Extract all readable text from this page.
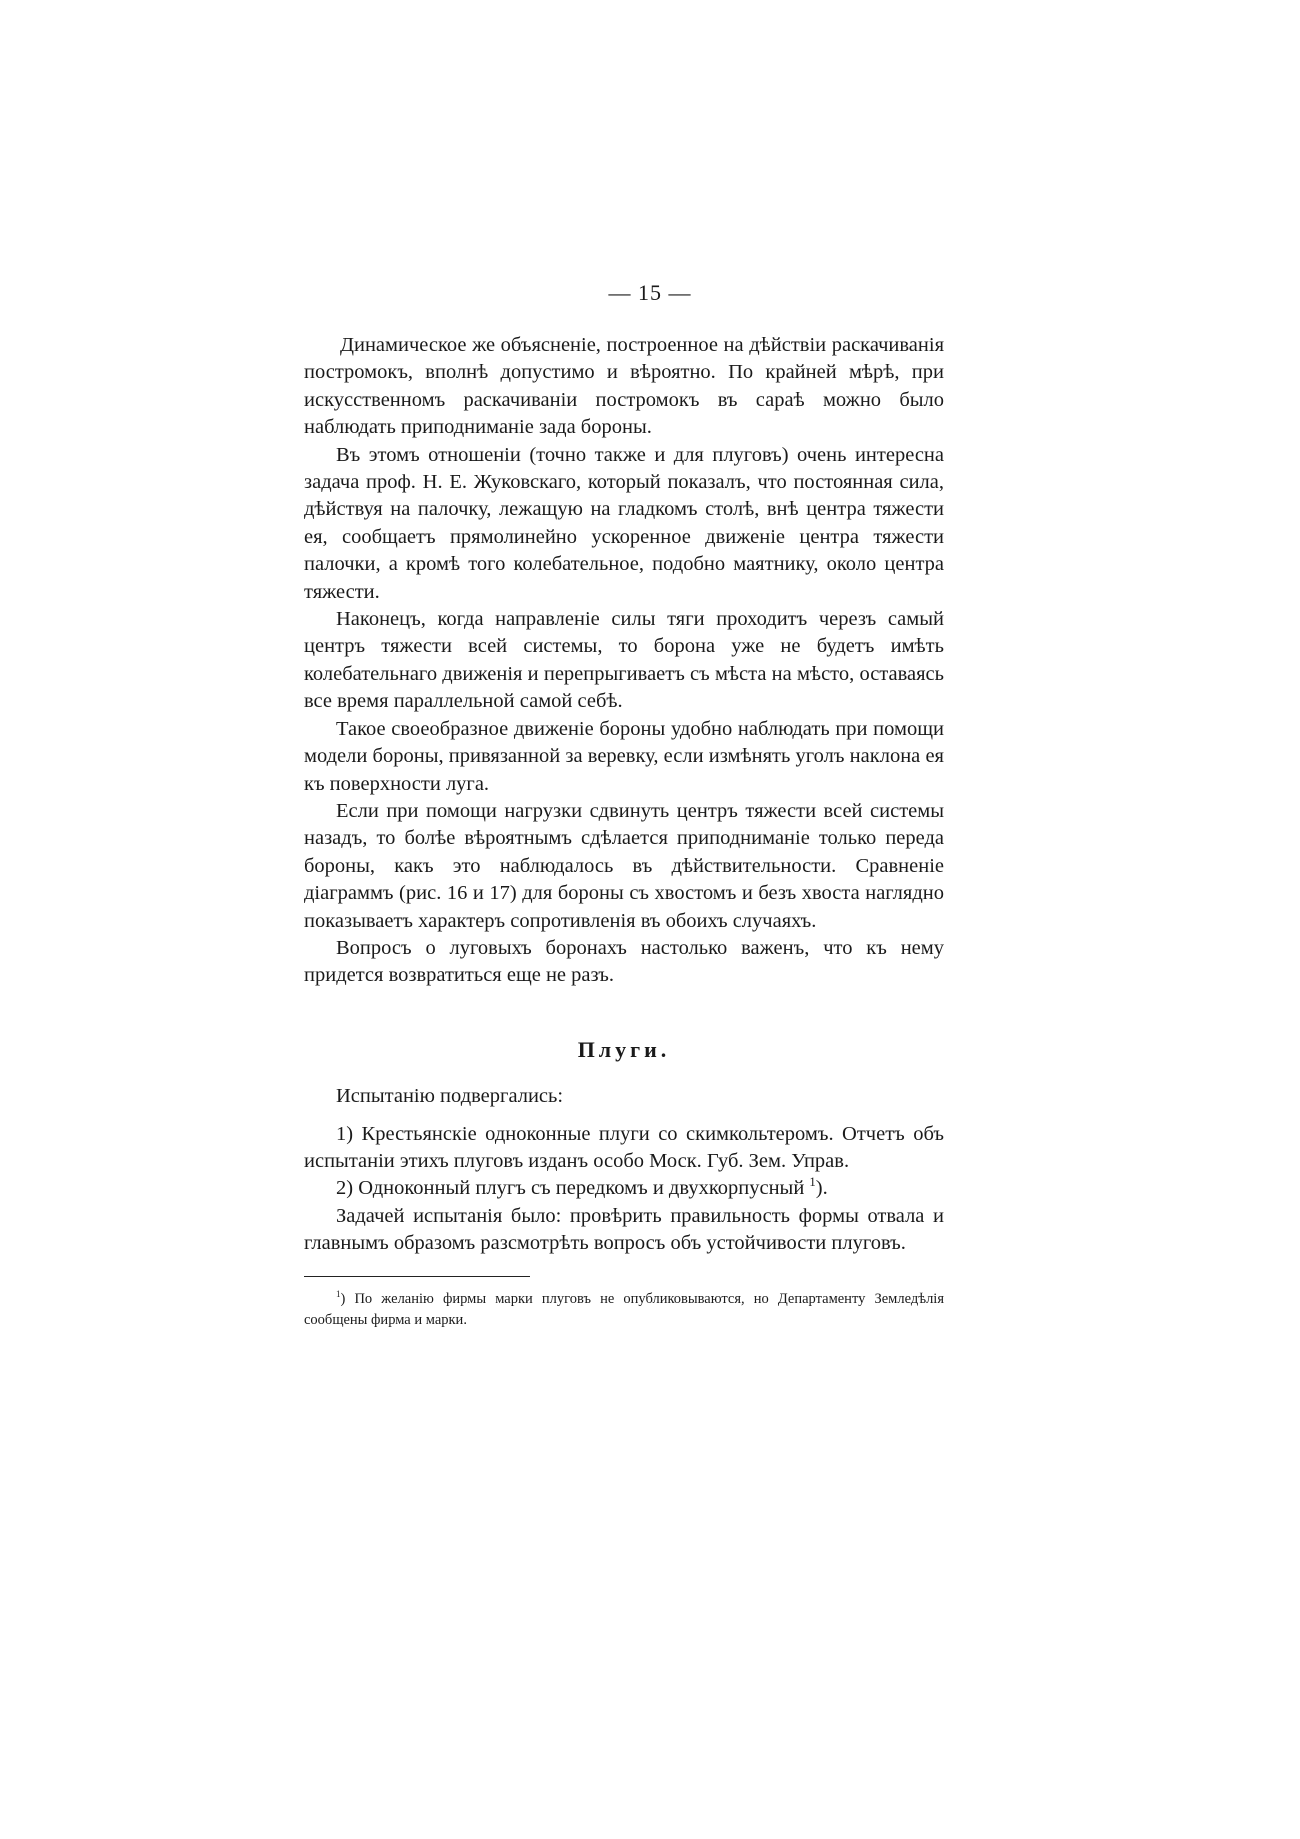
— 15 —

Динамическое же объясненіе, построенное на дѣйствіи раскачиванія постромокъ, вполнѣ допустимо и вѣроятно. По крайней мѣрѣ, при искусственномъ раскачиваніи постромокъ въ сараѣ можно было наблюдать приподниманіе зада бороны.

Въ этомъ отношеніи (точно также и для плуговъ) очень интересна задача проф. Н. Е. Жуковскаго, который показалъ, что постоянная сила, дѣйствуя на палочку, лежащую на гладкомъ столѣ, внѣ центра тяжести ея, сообщаетъ прямолинейно ускоренное движеніе центра тяжести палочки, а кромѣ того колебательное, подобно маятнику, около центра тяжести.

Наконецъ, когда направленіе силы тяги проходитъ черезъ самый центръ тяжести всей системы, то борона уже не будетъ имѣть колебательнаго движенія и перепрыгиваетъ съ мѣста на мѣсто, оставаясь все время параллельной самой себѣ.

Такое своеобразное движеніе бороны удобно наблюдать при помощи модели бороны, привязанной за веревку, если измѣнять уголъ наклона ея къ поверхности луга.

Если при помощи нагрузки сдвинуть центръ тяжести всей системы назадъ, то болѣе вѣроятнымъ сдѣлается приподниманіе только переда бороны, какъ это наблюдалось въ дѣйствительности. Сравненіе діаграммъ (рис. 16 и 17) для бороны съ хвостомъ и безъ хвоста наглядно показываетъ характеръ сопротивленія въ обоихъ случаяхъ.

Вопросъ о луговыхъ боронахъ настолько важенъ, что къ нему придется возвратиться еще не разъ.

Плуги.

Испытанію подвергались:

1) Крестьянскіе одноконные плуги со скимкольтеромъ. Отчетъ объ испытаніи этихъ плуговъ изданъ особо Моск. Губ. Зем. Управ.

2) Одноконный плугъ съ передкомъ и двухкорпусный $^1$).

Задачей испытанія было: провѣрить правильность формы отвала и главнымъ образомъ разсмотрѣть вопросъ объ устойчивости плуговъ.

$^1$) По желанію фирмы марки плуговъ не опубликовываются, но Департаменту Земледѣлія сообщены фирма и марки.
